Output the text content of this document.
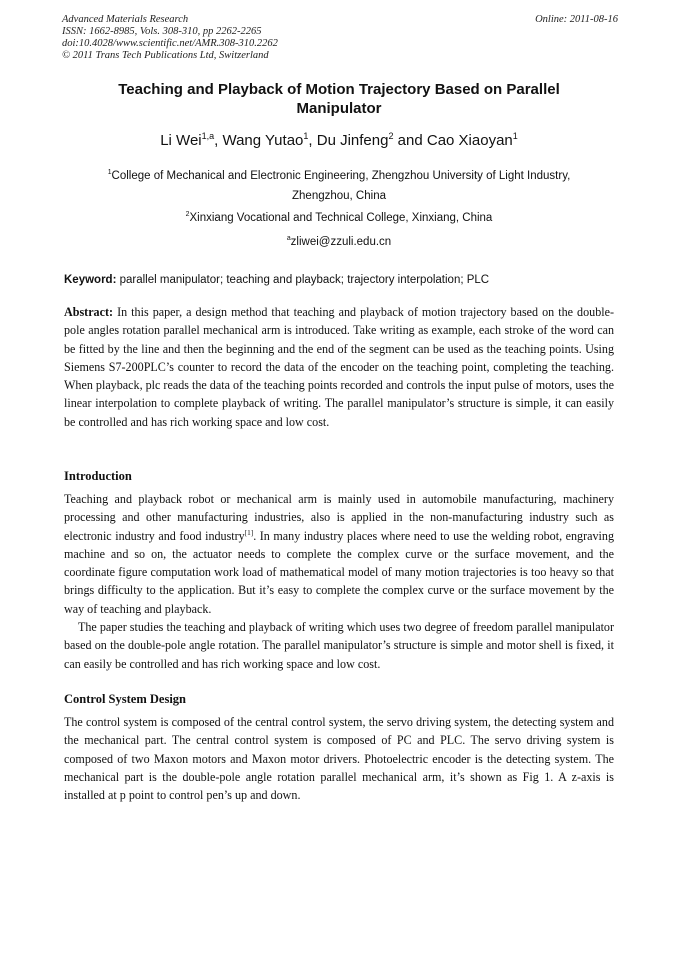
Advanced Materials Research
ISSN: 1662-8985, Vols. 308-310, pp 2262-2265
doi:10.4028/www.scientific.net/AMR.308-310.2262
© 2011 Trans Tech Publications Ltd, Switzerland
Online: 2011-08-16
Teaching and Playback of Motion Trajectory Based on Parallel
Manipulator
Li Wei$^{1,a}$, Wang Yutao$^1$, Du Jinfeng$^2$ and Cao Xiaoyan$^1$
$^1$College of Mechanical and Electronic Engineering, Zhengzhou University of Light Industry,
Zhengzhou, China
$^2$Xinxiang Vocational and Technical College, Xinxiang, China
$^a$zliwei@zzuli.edu.cn
Keyword: parallel manipulator; teaching and playback; trajectory interpolation; PLC

Abstract: In this paper, a design method that teaching and playback of motion trajectory based on the double-pole angles rotation parallel mechanical arm is introduced. Take writing as example, each stroke of the word can be fitted by the line and then the beginning and the end of the segment can be used as the teaching points. Using Siemens S7-200PLC’s counter to record the data of the encoder on the teaching point, completing the teaching. When playback, plc reads the data of the teaching points recorded and controls the input pulse of motors, uses the linear interpolation to complete playback of writing. The parallel manipulator’s structure is simple, it can easily be controlled and has rich working space and low cost.

Introduction

Teaching and playback robot or mechanical arm is mainly used in automobile manufacturing, machinery processing and other manufacturing industries, also is applied in the non-manufacturing industry such as electronic industry and food industry[1]. In many industry places where need to use the welding robot, engraving machine and so on, the actuator needs to complete the complex curve or the surface movement, and the coordinate figure computation work load of mathematical model of many motion trajectories is too heavy so that brings difficulty to the application. But it’s easy to complete the complex curve or the surface movement by the way of teaching and playback.

The paper studies the teaching and playback of writing which uses two degree of freedom parallel manipulator based on the double-pole angle rotation. The parallel manipulator’s structure is simple and motor shell is fixed, it can easily be controlled and has rich working space and low cost.

Control System Design

The control system is composed of the central control system, the servo driving system, the detecting system and the mechanical part. The central control system is composed of PC and PLC. The servo driving system is composed of two Maxon motors and Maxon motor drivers. Photoelectric encoder is the detecting system. The mechanical part is the double-pole angle rotation parallel mechanical arm, it’s shown as Fig 1. A z-axis is installed at p point to control pen’s up and down.
